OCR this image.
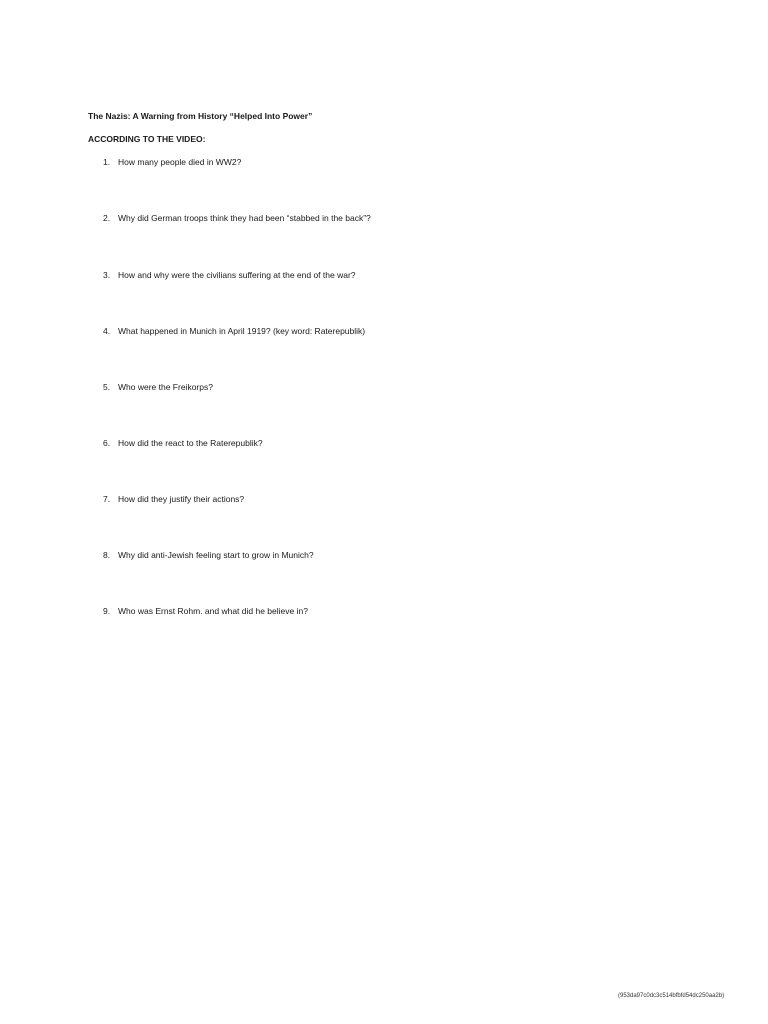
The Nazis: A Warning from History “Helped Into Power”
ACCORDING TO THE VIDEO:
1. How many people died in WW2?
2. Why did German troops think they had been “stabbed in the back”?
3. How and why were the civilians suffering at the end of the war?
4. What happened in Munich in April 1919? (key word: Raterepublik)
5. Who were the Freikorps?
6. How did the react to the Raterepublik?
7. How did they justify their actions?
8. Why did anti-Jewish feeling start to grow in Munich?
9. Who was Ernst Rohm. and what did he believe in?
(953da97c0dc3c514bfbfd54dc250aa2b)
